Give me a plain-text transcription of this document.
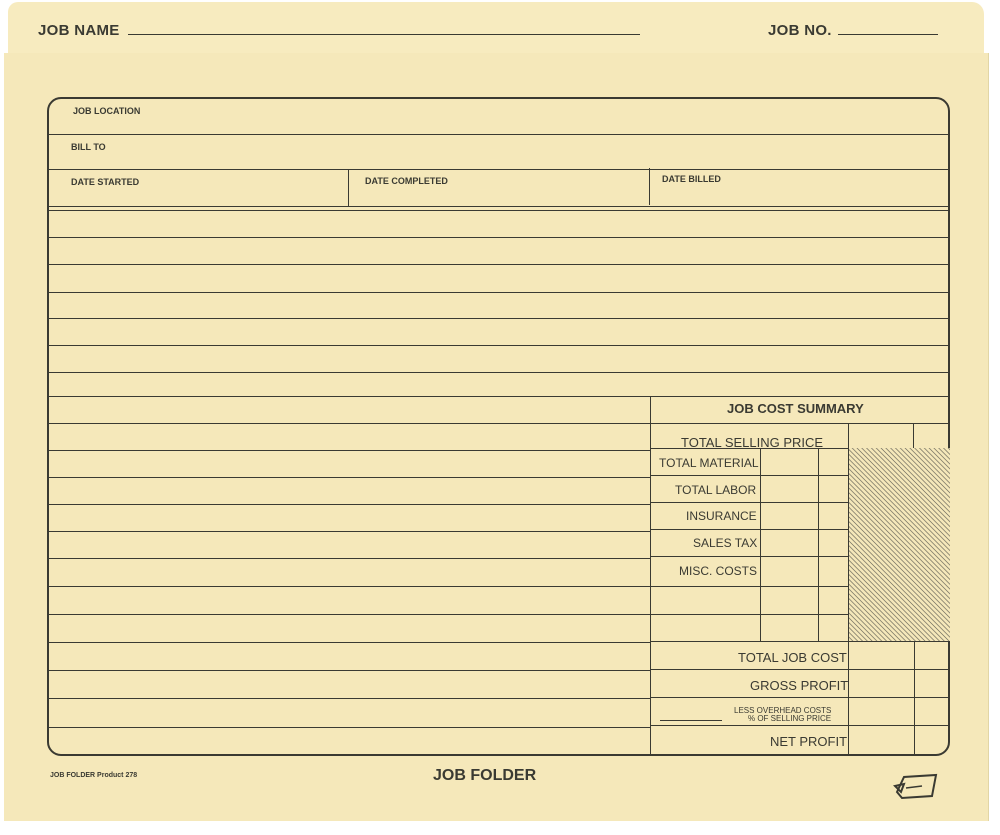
JOB NAME	JOB NO.
JOB LOCATION
BILL TO
DATE STARTED	DATE COMPLETED	DATE BILLED
JOB COST SUMMARY
TOTAL SELLING PRICE
TOTAL MATERIAL
TOTAL LABOR
INSURANCE
SALES TAX
MISC. COSTS
TOTAL JOB COST
GROSS PROFIT
LESS OVERHEAD COSTS
% OF SELLING PRICE
NET PROFIT
JOB FOLDER Product 278	JOB FOLDER
